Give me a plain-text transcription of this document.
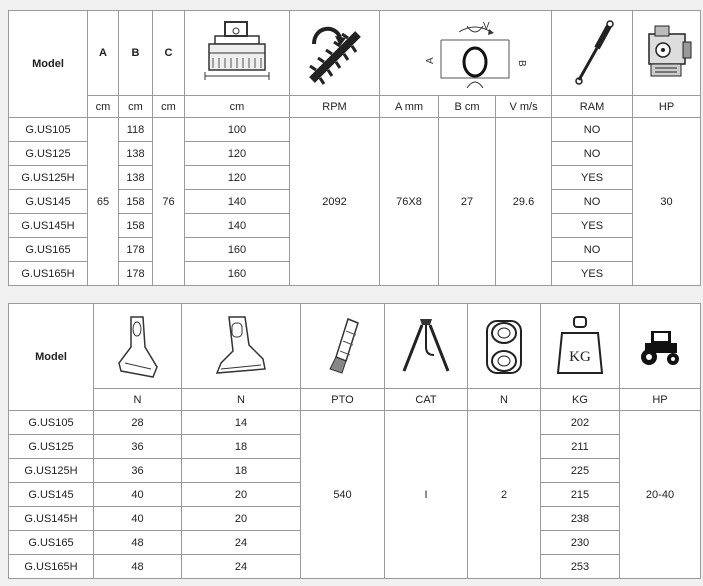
Model	A	B	C			V
A B

	cm	cm	cm	cm	RPM	A mm	B cm	V m/s	RAM	HP
G.US105	65	118	76	100	2092	76X8	27	29.6	NO	30
G.US125		138		120					NO	
G.US125H		138		120					YES	
G.US145		158		140					NO	
G.US145H		158		140					YES	
G.US165		178		160					NO	
G.US165H		178		160					YES	
Model						KG

	N	N	PTO	CAT	N	KG	HP
G.US105	28	14	540	I	2	202	20-40
G.US125	36	18				211	
G.US125H	36	18				225	
G.US145	40	20				215	
G.US145H	40	20				238	
G.US165	48	24				230	
G.US165H	48	24				253	
